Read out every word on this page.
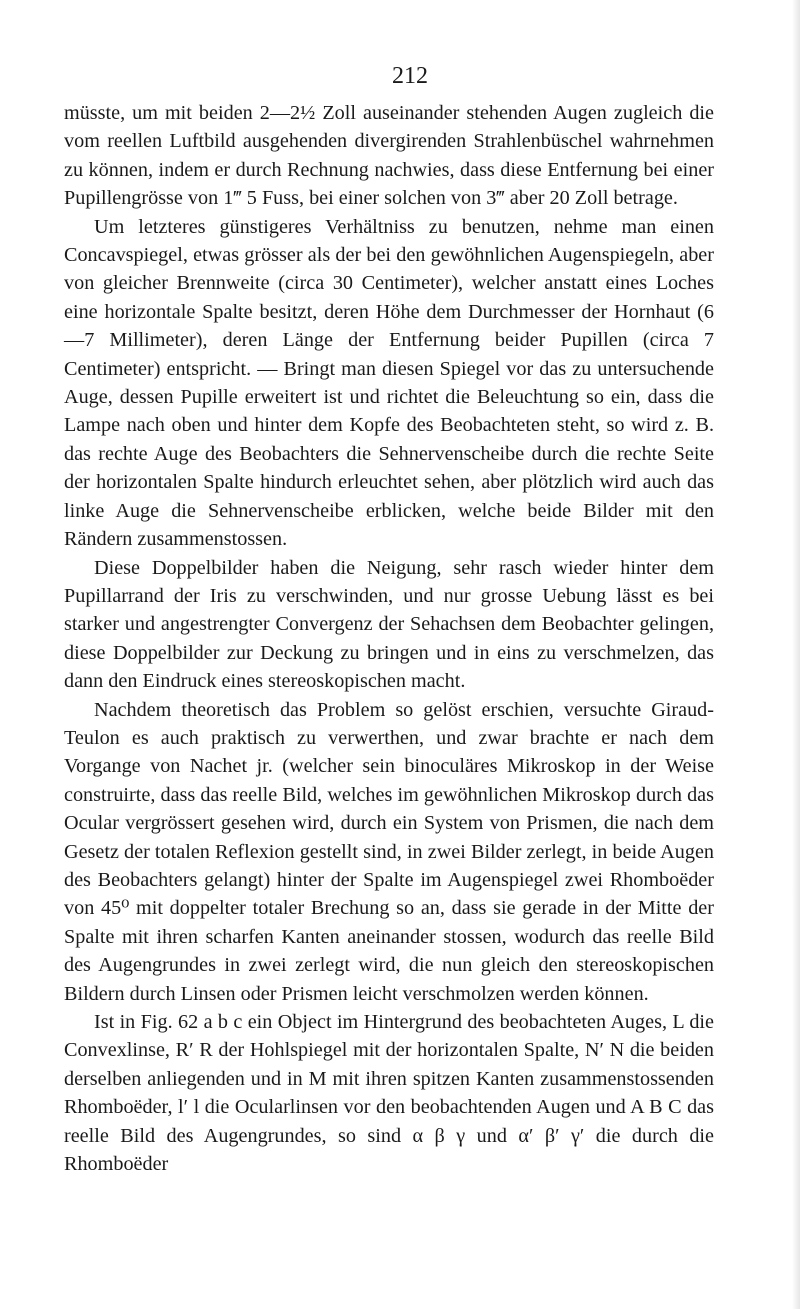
212

müsste, um mit beiden 2—2½ Zoll auseinander stehenden Augen zugleich die vom reellen Luftbild ausgehenden divergirenden Strahlenbüschel wahrnehmen zu können, indem er durch Rechnung nachwies, dass diese Entfernung bei einer Pupillengrösse von 1‴ 5 Fuss, bei einer solchen von 3‴ aber 20 Zoll betrage.

Um letzteres günstigeres Verhältniss zu benutzen, nehme man einen Concavspiegel, etwas grösser als der bei den gewöhnlichen Augenspiegeln, aber von gleicher Brennweite (circa 30 Centimeter), welcher anstatt eines Loches eine horizontale Spalte besitzt, deren Höhe dem Durchmesser der Hornhaut (6—7 Millimeter), deren Länge der Entfernung beider Pupillen (circa 7 Centimeter) entspricht. — Bringt man diesen Spiegel vor das zu untersuchende Auge, dessen Pupille erweitert ist und richtet die Beleuchtung so ein, dass die Lampe nach oben und hinter dem Kopfe des Beobachteten steht, so wird z. B. das rechte Auge des Beobachters die Sehnervenscheibe durch die rechte Seite der horizontalen Spalte hindurch erleuchtet sehen, aber plötzlich wird auch das linke Auge die Sehnervenscheibe erblicken, welche beide Bilder mit den Rändern zusammenstossen.

Diese Doppelbilder haben die Neigung, sehr rasch wieder hinter dem Pupillarrand der Iris zu verschwinden, und nur grosse Uebung lässt es bei starker und angestrengter Convergenz der Sehachsen dem Beobachter gelingen, diese Doppelbilder zur Deckung zu bringen und in eins zu verschmelzen, das dann den Eindruck eines stereoskopischen macht.

Nachdem theoretisch das Problem so gelöst erschien, versuchte Giraud-Teulon es auch praktisch zu verwerthen, und zwar brachte er nach dem Vorgange von Nachet jr. (welcher sein binoculäres Mikroskop in der Weise construirte, dass das reelle Bild, welches im gewöhnlichen Mikroskop durch das Ocular vergrössert gesehen wird, durch ein System von Prismen, die nach dem Gesetz der totalen Reflexion gestellt sind, in zwei Bilder zerlegt, in beide Augen des Beobachters gelangt) hinter der Spalte im Augenspiegel zwei Rhomboëder von 45⁰ mit doppelter totaler Brechung so an, dass sie gerade in der Mitte der Spalte mit ihren scharfen Kanten aneinander stossen, wodurch das reelle Bild des Augengrundes in zwei zerlegt wird, die nun gleich den stereoskopischen Bildern durch Linsen oder Prismen leicht verschmolzen werden können.

Ist in Fig. 62 a b c ein Object im Hintergrund des beobachteten Auges, L die Convexlinse, R′ R der Hohlspiegel mit der horizontalen Spalte, N′ N die beiden derselben anliegenden und in M mit ihren spitzen Kanten zusammenstossenden Rhomboëder, l′ l die Ocularlinsen vor den beobachtenden Augen und A B C das reelle Bild des Augengrundes, so sind α β γ und α′ β′ γ′ die durch die Rhomboëder
